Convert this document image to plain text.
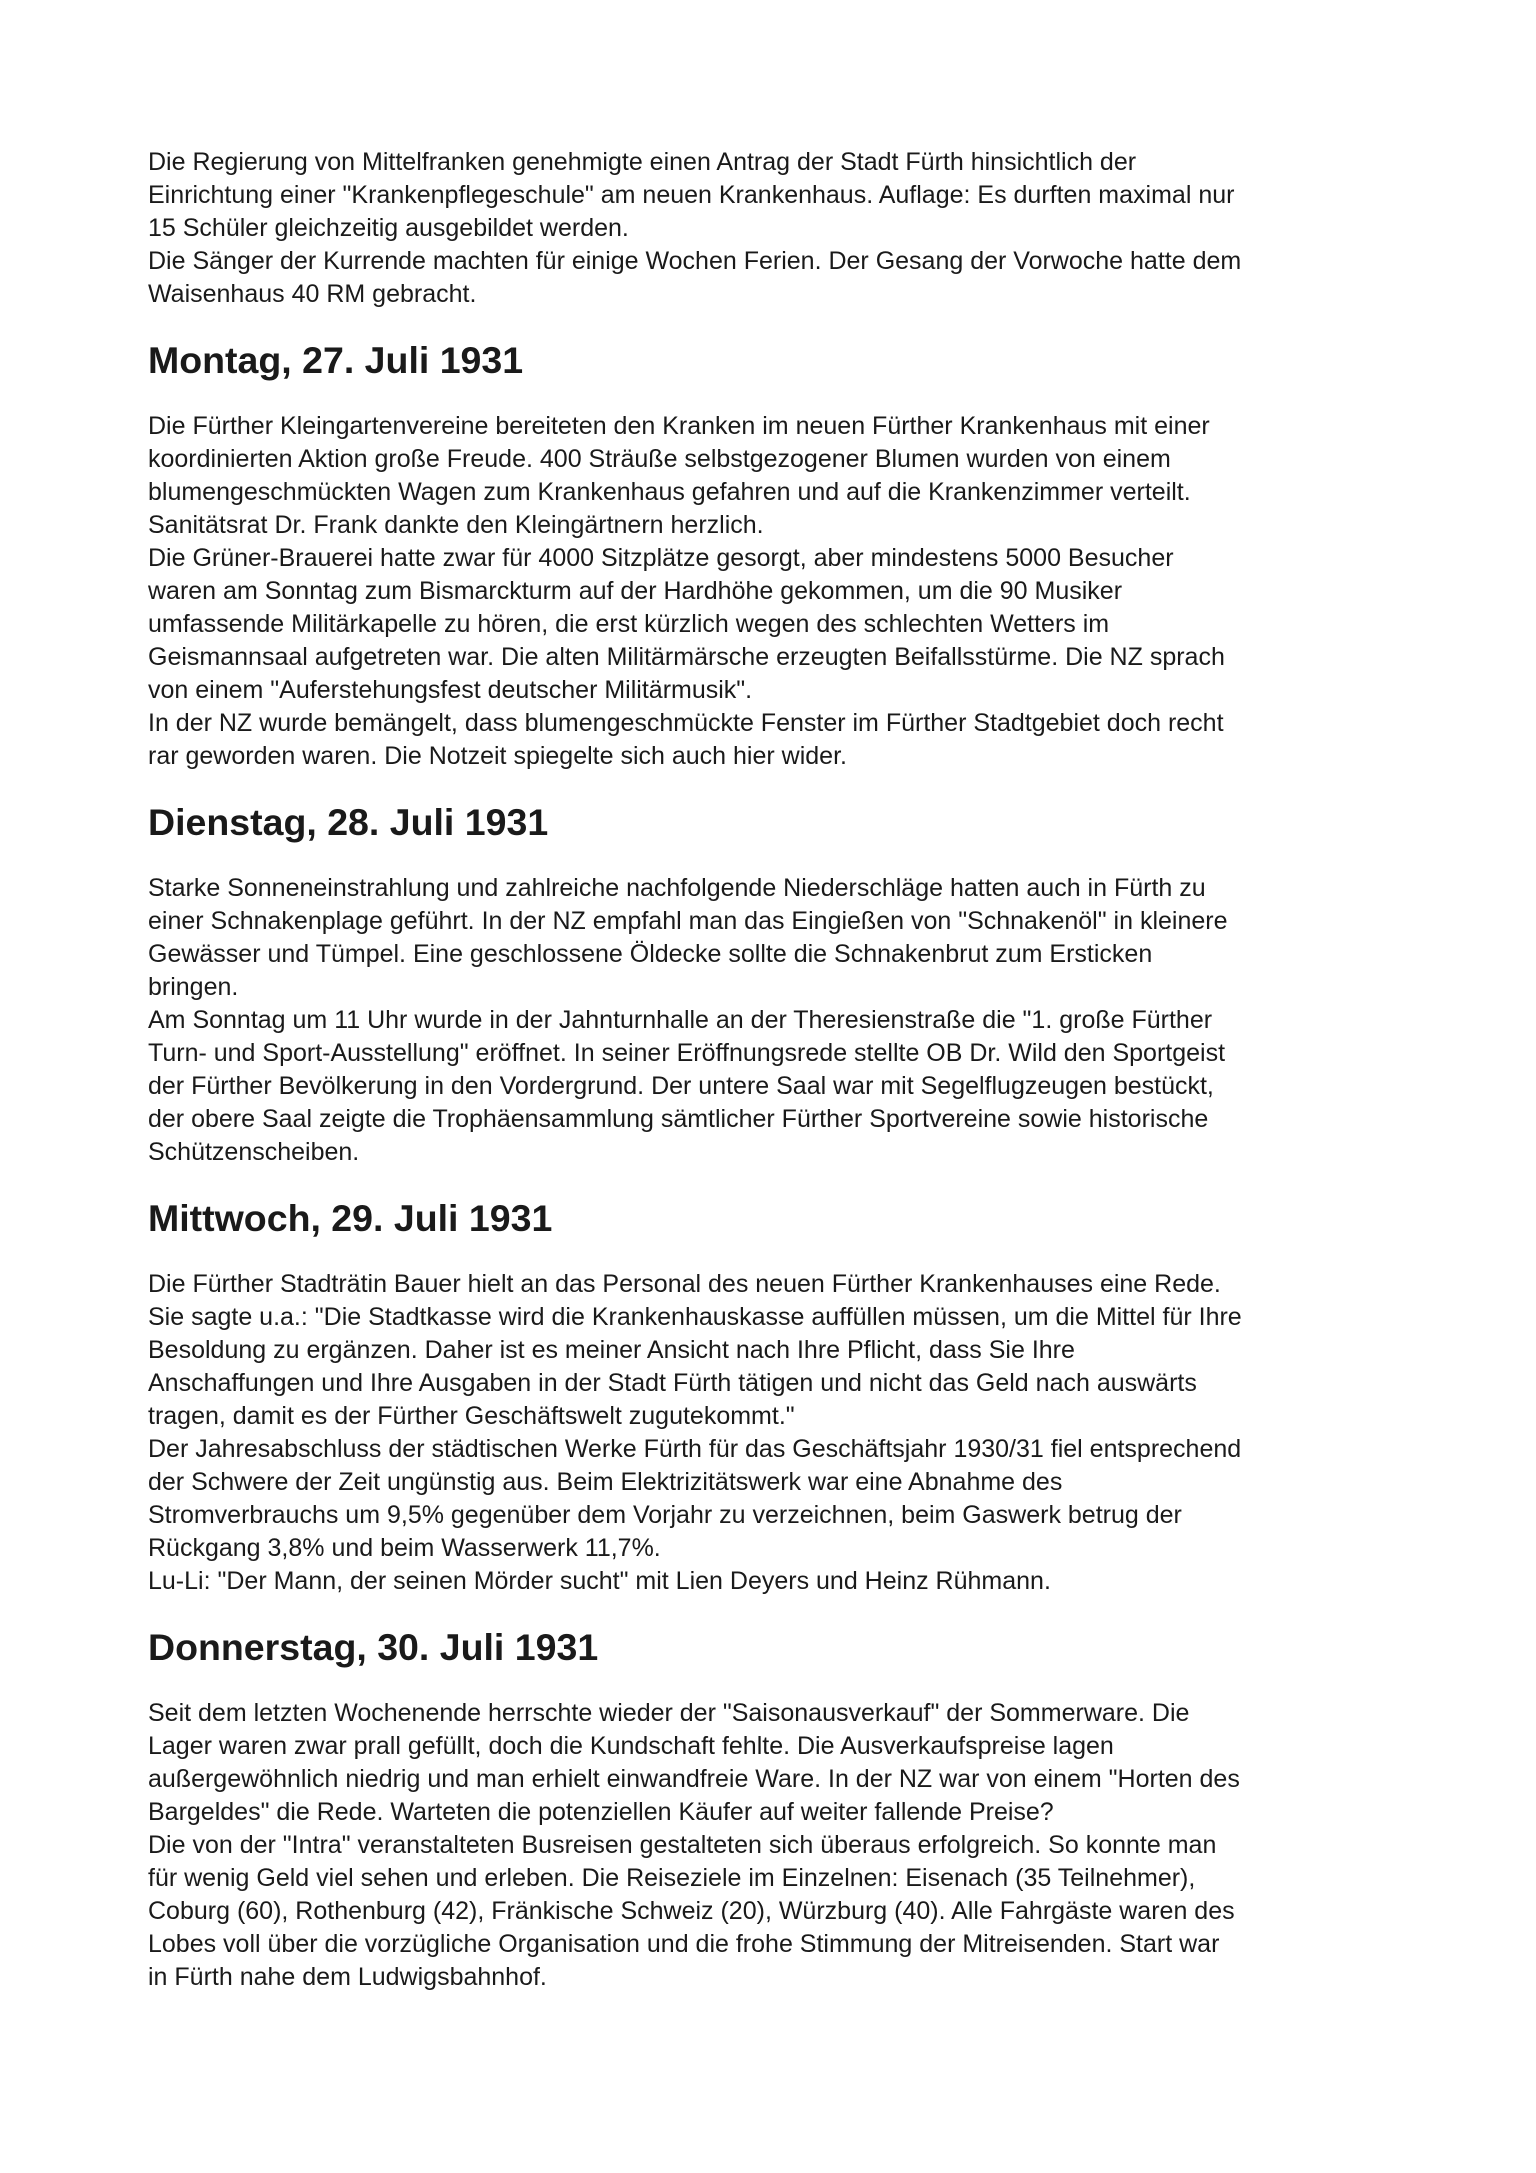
Die Regierung von Mittelfranken genehmigte einen Antrag der Stadt Fürth hinsichtlich der
Einrichtung einer "Krankenpflegeschule" am neuen Krankenhaus. Auflage: Es durften maximal nur
15 Schüler gleichzeitig ausgebildet werden.

Die Sänger der Kurrende machten für einige Wochen Ferien. Der Gesang der Vorwoche hatte dem
Waisenhaus 40 RM gebracht.

Montag, 27. Juli 1931

Die Fürther Kleingartenvereine bereiteten den Kranken im neuen Fürther Krankenhaus mit einer
koordinierten Aktion große Freude. 400 Sträuße selbstgezogener Blumen wurden von einem
blumengeschmückten Wagen zum Krankenhaus gefahren und auf die Krankenzimmer verteilt.
Sanitätsrat Dr. Frank dankte den Kleingärtnern herzlich.

Die Grüner-Brauerei hatte zwar für 4000 Sitzplätze gesorgt, aber mindestens 5000 Besucher
waren am Sonntag zum Bismarckturm auf der Hardhöhe gekommen, um die 90 Musiker
umfassende Militärkapelle zu hören, die erst kürzlich wegen des schlechten Wetters im
Geismannsaal aufgetreten war. Die alten Militärmärsche erzeugten Beifallsstürme. Die NZ sprach
von einem "Auferstehungsfest deutscher Militärmusik".

In der NZ wurde bemängelt, dass blumengeschmückte Fenster im Fürther Stadtgebiet doch recht
rar geworden waren. Die Notzeit spiegelte sich auch hier wider.

Dienstag, 28. Juli 1931

Starke Sonneneinstrahlung und zahlreiche nachfolgende Niederschläge hatten auch in Fürth zu
einer Schnakenplage geführt. In der NZ empfahl man das Eingießen von "Schnakenöl" in kleinere
Gewässer und Tümpel. Eine geschlossene Öldecke sollte die Schnakenbrut zum Ersticken
bringen.

Am Sonntag um 11 Uhr wurde in der Jahnturnhalle an der Theresienstraße die "1. große Fürther
Turn- und Sport-Ausstellung" eröffnet. In seiner Eröffnungsrede stellte OB Dr. Wild den Sportgeist
der Fürther Bevölkerung in den Vordergrund. Der untere Saal war mit Segelflugzeugen bestückt,
der obere Saal zeigte die Trophäensammlung sämtlicher Fürther Sportvereine sowie historische
Schützenscheiben.

Mittwoch, 29. Juli 1931

Die Fürther Stadträtin Bauer hielt an das Personal des neuen Fürther Krankenhauses eine Rede.
Sie sagte u.a.: "Die Stadtkasse wird die Krankenhauskasse auffüllen müssen, um die Mittel für Ihre
Besoldung zu ergänzen. Daher ist es meiner Ansicht nach Ihre Pflicht, dass Sie Ihre
Anschaffungen und Ihre Ausgaben in der Stadt Fürth tätigen und nicht das Geld nach auswärts
tragen, damit es der Fürther Geschäftswelt zugutekommt."

Der Jahresabschluss der städtischen Werke Fürth für das Geschäftsjahr 1930/31 fiel entsprechend
der Schwere der Zeit ungünstig aus. Beim Elektrizitätswerk war eine Abnahme des
Stromverbrauchs um 9,5% gegenüber dem Vorjahr zu verzeichnen, beim Gaswerk betrug der
Rückgang 3,8% und beim Wasserwerk 11,7%.

Lu-Li: "Der Mann, der seinen Mörder sucht" mit Lien Deyers und Heinz Rühmann.

Donnerstag, 30. Juli 1931

Seit dem letzten Wochenende herrschte wieder der "Saisonausverkauf" der Sommerware. Die
Lager waren zwar prall gefüllt, doch die Kundschaft fehlte. Die Ausverkaufspreise lagen
außergewöhnlich niedrig und man erhielt einwandfreie Ware. In der NZ war von einem "Horten des
Bargeldes" die Rede. Warteten die potenziellen Käufer auf weiter fallende Preise?

Die von der "Intra" veranstalteten Busreisen gestalteten sich überaus erfolgreich. So konnte man
für wenig Geld viel sehen und erleben. Die Reiseziele im Einzelnen: Eisenach (35 Teilnehmer),
Coburg (60), Rothenburg (42), Fränkische Schweiz (20), Würzburg (40). Alle Fahrgäste waren des
Lobes voll über die vorzügliche Organisation und die frohe Stimmung der Mitreisenden. Start war
in Fürth nahe dem Ludwigsbahnhof.
